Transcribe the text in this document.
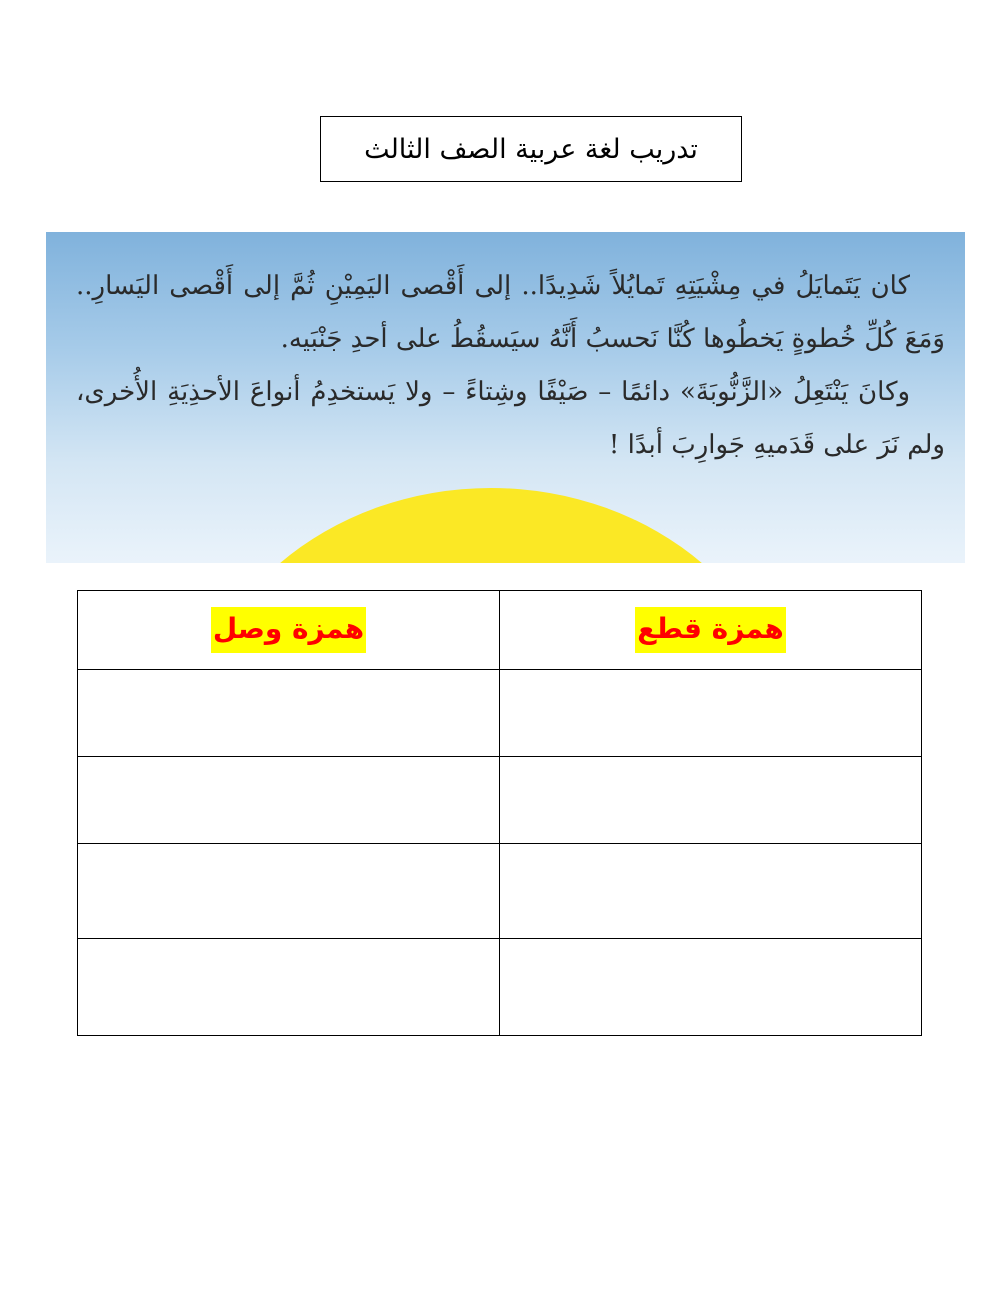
تدريب لغة عربية الصف الثالث

كان يَتَمايَلُ في مِشْيَتِهِ تَمايُلاً شَدِيدًا.. إلى أَقْصى اليَمِيْنِ ثُمَّ إلى أَقْصى اليَسارِ.. وَمَعَ كُلِّ خُطوةٍ يَخطُوها كُنَّا نَحسبُ أَنَّهُ سيَسقُطُ على أحدِ جَنْبَيه.

وكانَ يَنْتَعِلُ «الزَّنُّوبَةَ» دائمًا – صَيْفًا وشِتاءً – ولا يَستخدِمُ أنواعَ الأحذِيَةِ الأُخرى، ولم نَرَ على قَدَميهِ جَوارِبَ أبدًا !

همزة قطع	همزة وصل
